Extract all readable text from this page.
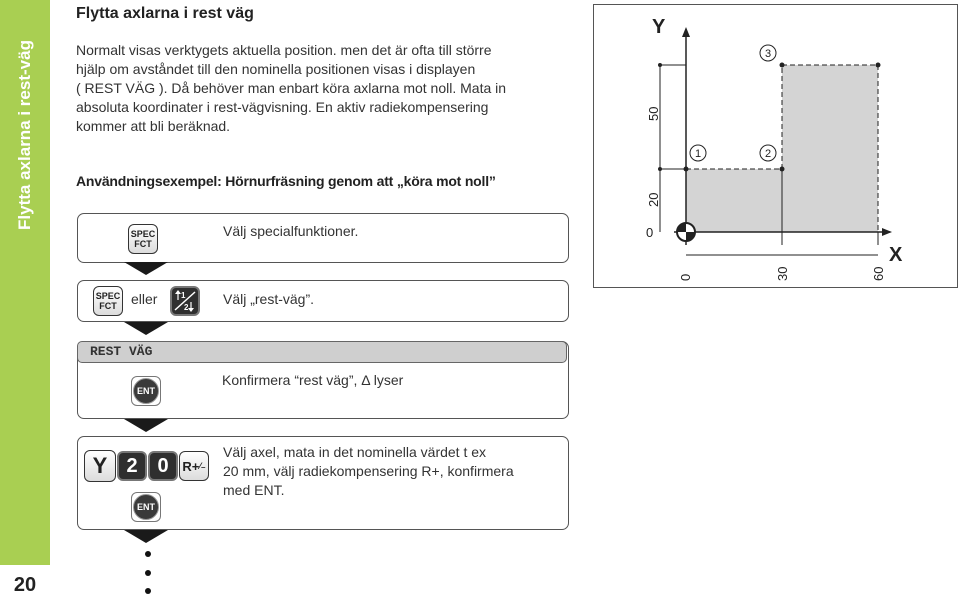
Flytta axlarna i rest-väg
20
Flytta axlarna i rest väg
Normalt visas verktygets aktuella position. men det är ofta till större
hjälp om avståndet till den nominella positionen visas i displayen
( REST VÄG ). Då behöver man enbart köra axlarna mot noll. Mata in
absoluta koordinater i rest-vägvisning. En aktiv radiekompensering
kommer att bli beräknad.
Användningsexempel: Hörnurfräsning genom att „köra mot noll”
SPEC
FCT
Välj specialfunktioner.
SPEC
FCT eller	1
2
Välj „rest-väg”.
REST VÄG
ENT
Konfirmera “rest väg”, Δ lyser
Y 2 0 R+ ⁄₋
Välj axel, mata in det nominella värdet t ex
20 mm, välj radiekompensering R+, konfirmera
med ENT.
ENT
Y
X
50
20
0
0	30	60
1	2
3
